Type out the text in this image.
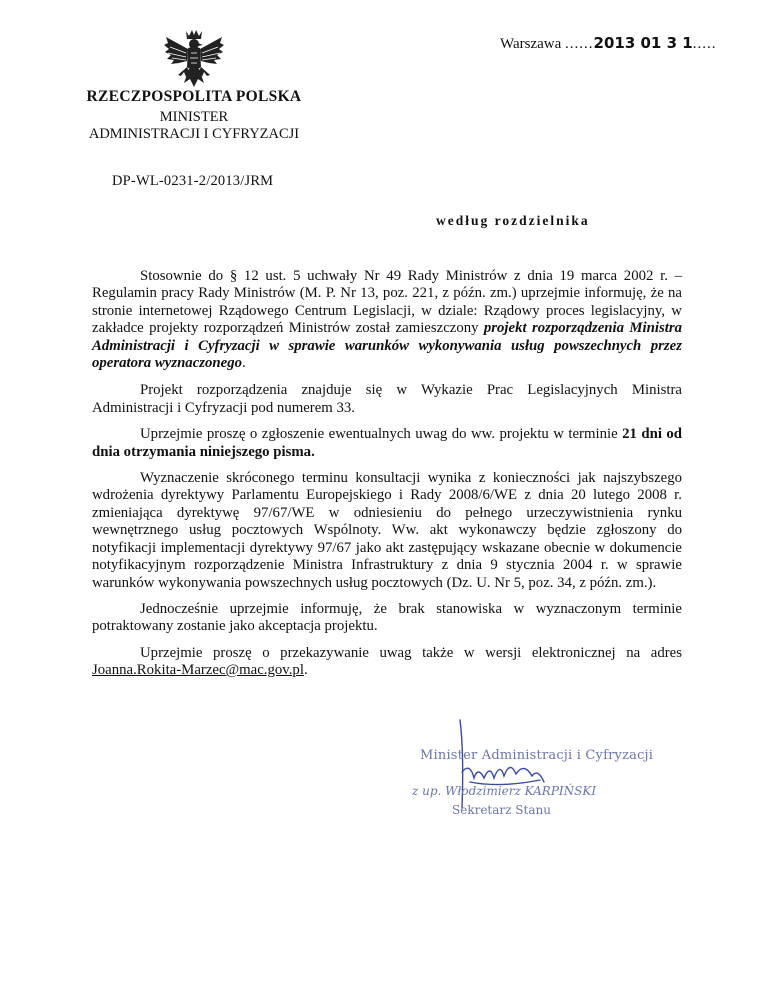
Warszawa ......2013 01 3 1.....
RZECZPOSPOLITA POLSKA
MINISTER
ADMINISTRACJI I CYFRYZACJI
DP-WL-0231-2/2013/JRM
według rozdzielnika

Stosownie do § 12 ust. 5 uchwały Nr 49 Rady Ministrów z dnia 19 marca 2002 r. – Regulamin pracy Rady Ministrów (M. P. Nr 13, poz. 221, z późn. zm.) uprzejmie informuję, że na stronie internetowej Rządowego Centrum Legislacji, w dziale: Rządowy proces legislacyjny, w zakładce projekty rozporządzeń Ministrów został zamieszczony projekt rozporządzenia Ministra Administracji i Cyfryzacji w sprawie warunków wykonywania usług powszechnych przez operatora wyznaczonego.

Projekt rozporządzenia znajduje się w Wykazie Prac Legislacyjnych Ministra Administracji i Cyfryzacji pod numerem 33.

Uprzejmie proszę o zgłoszenie ewentualnych uwag do ww. projektu w terminie 21 dni od dnia otrzymania niniejszego pisma.

Wyznaczenie skróconego terminu konsultacji wynika z konieczności jak najszybszego wdrożenia dyrektywy Parlamentu Europejskiego i Rady 2008/6/WE z dnia 20 lutego 2008 r. zmieniająca dyrektywę 97/67/WE w odniesieniu do pełnego urzeczywistnienia rynku wewnętrznego usług pocztowych Wspólnoty. Ww. akt wykonawczy będzie zgłoszony do notyfikacji implementacji dyrektywy 97/67 jako akt zastępujący wskazane obecnie w dokumencie notyfikacyjnym rozporządzenie Ministra Infrastruktury z dnia 9 stycznia 2004 r. w sprawie warunków wykonywania powszechnych usług pocztowych (Dz. U. Nr 5, poz. 34, z późn. zm.).

Jednocześnie uprzejmie informuję, że brak stanowiska w wyznaczonym terminie potraktowany zostanie jako akceptacja projektu.

Uprzejmie proszę o przekazywanie uwag także w wersji elektronicznej na adres Joanna.Rokita-Marzec@mac.gov.pl.

Minister Administracji i Cyfryzacji
z up. Włodzimierz KARPIŃSKI
Sekretarz Stanu
